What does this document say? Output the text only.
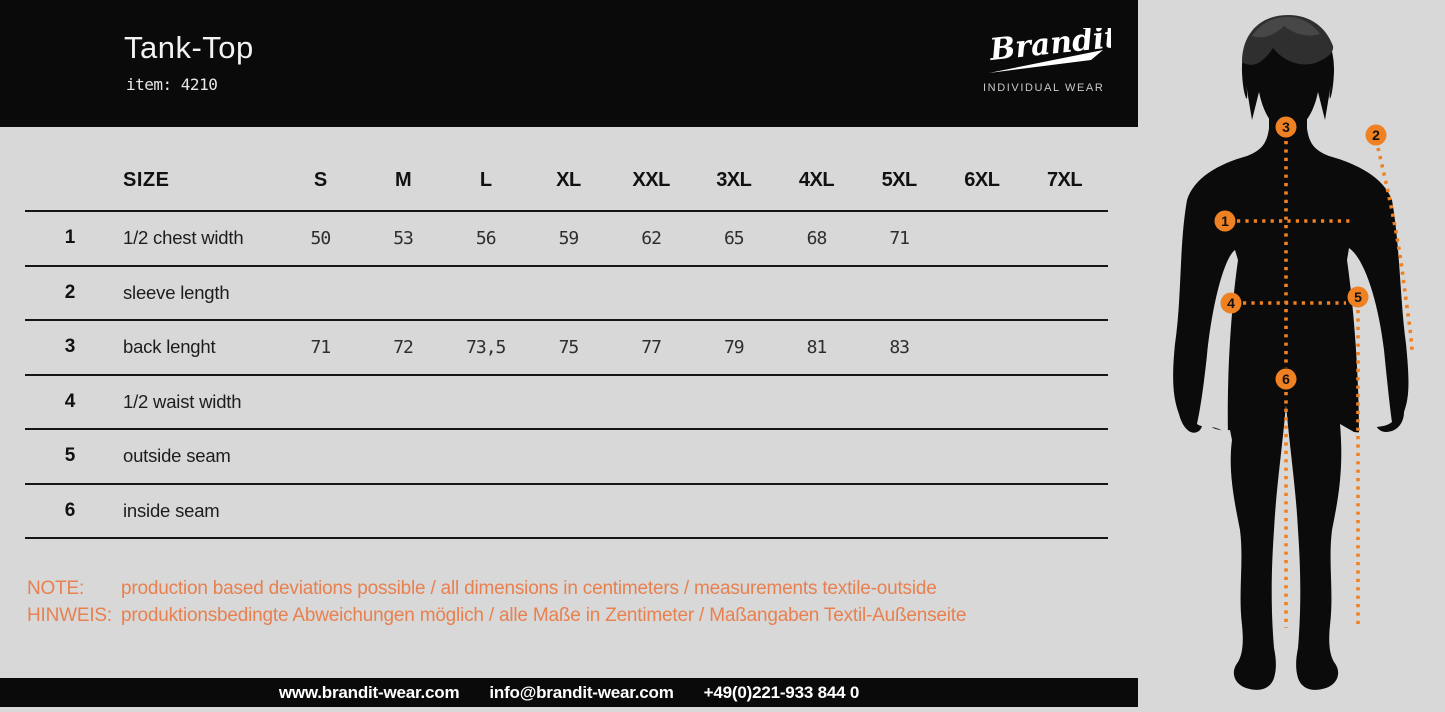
Tank-Top
item: 4210
Brandit
INDIVIDUAL WEAR
SIZE	S	M	L	XL	XXL	3XL	4XL	5XL	6XL	7XL
1	1/2 chest width	50	53	56	59	62	65	68	71
2	sleeve length
3	back lenght	71	72	73,5	75	77	79	81	83
4	1/2 waist width
5	outside seam
6	inside seam
NOTE:	production based deviations possible / all dimensions in centimeters / measurements textile-outside
HINWEIS: produktionsbedingte Abweichungen möglich / alle Maße in Zentimeter / Maßangaben Textil-Außenseite
www.brandit-wear.com info@brandit-wear.com +49(0)221-933 844 0
1
2
3
4	5
6
